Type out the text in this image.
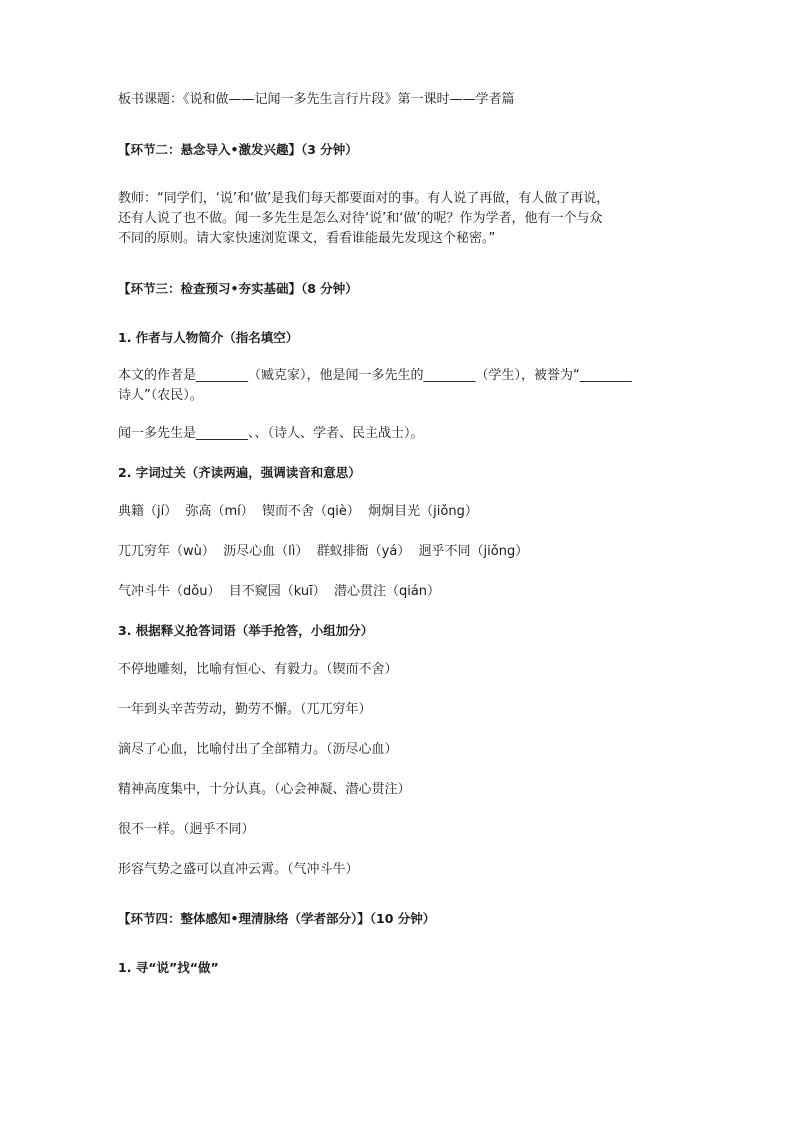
板书课题：《说和做——记闻一多先生言行片段》第一课时——学者篇

【环节二：悬念导入•激发兴趣】（3 分钟）

教师：“同学们，‘说’和‘做’是我们每天都要面对的事。有人说了再做，有人做了再说，

还有人说了也不做。闻一多先生是怎么对待‘说’和‘做’的呢？作为学者，他有一个与众

不同的原则。请大家快速浏览课文，看看谁能最先发现这个秘密。”

【环节三：检查预习•夯实基础】（8 分钟）

1. 作者与人物简介（指名填空）

本文的作者是________（臧克家），他是闻一多先生的________（学生），被誉为“________

诗人”（农民）。

闻一多先生是________、、（诗人、学者、民主战士）。

2. 字词过关（齐读两遍，强调读音和意思）

典籍（jí）  弥高（mí）  锲而不舍（qiè）  炯炯目光（jiǒng）

兀兀穷年（wù）  沥尽心血（lì）  群蚁排衙（yá）  迥乎不同（jiǒng）

气冲斗牛（dǒu）  目不窥园（kuī）  潜心贯注（qián）

3. 根据释义抢答词语（举手抢答，小组加分）

不停地雕刻，比喻有恒心、有毅力。（锲而不舍）

一年到头辛苦劳动，勤劳不懈。（兀兀穷年）

滴尽了心血，比喻付出了全部精力。（沥尽心血）

精神高度集中，十分认真。（心会神凝、潜心贯注）

很不一样。（迥乎不同）

形容气势之盛可以直冲云霄。（气冲斗牛）

【环节四：整体感知•理清脉络（学者部分）】（10 分钟）

1. 寻“说”找“做”
